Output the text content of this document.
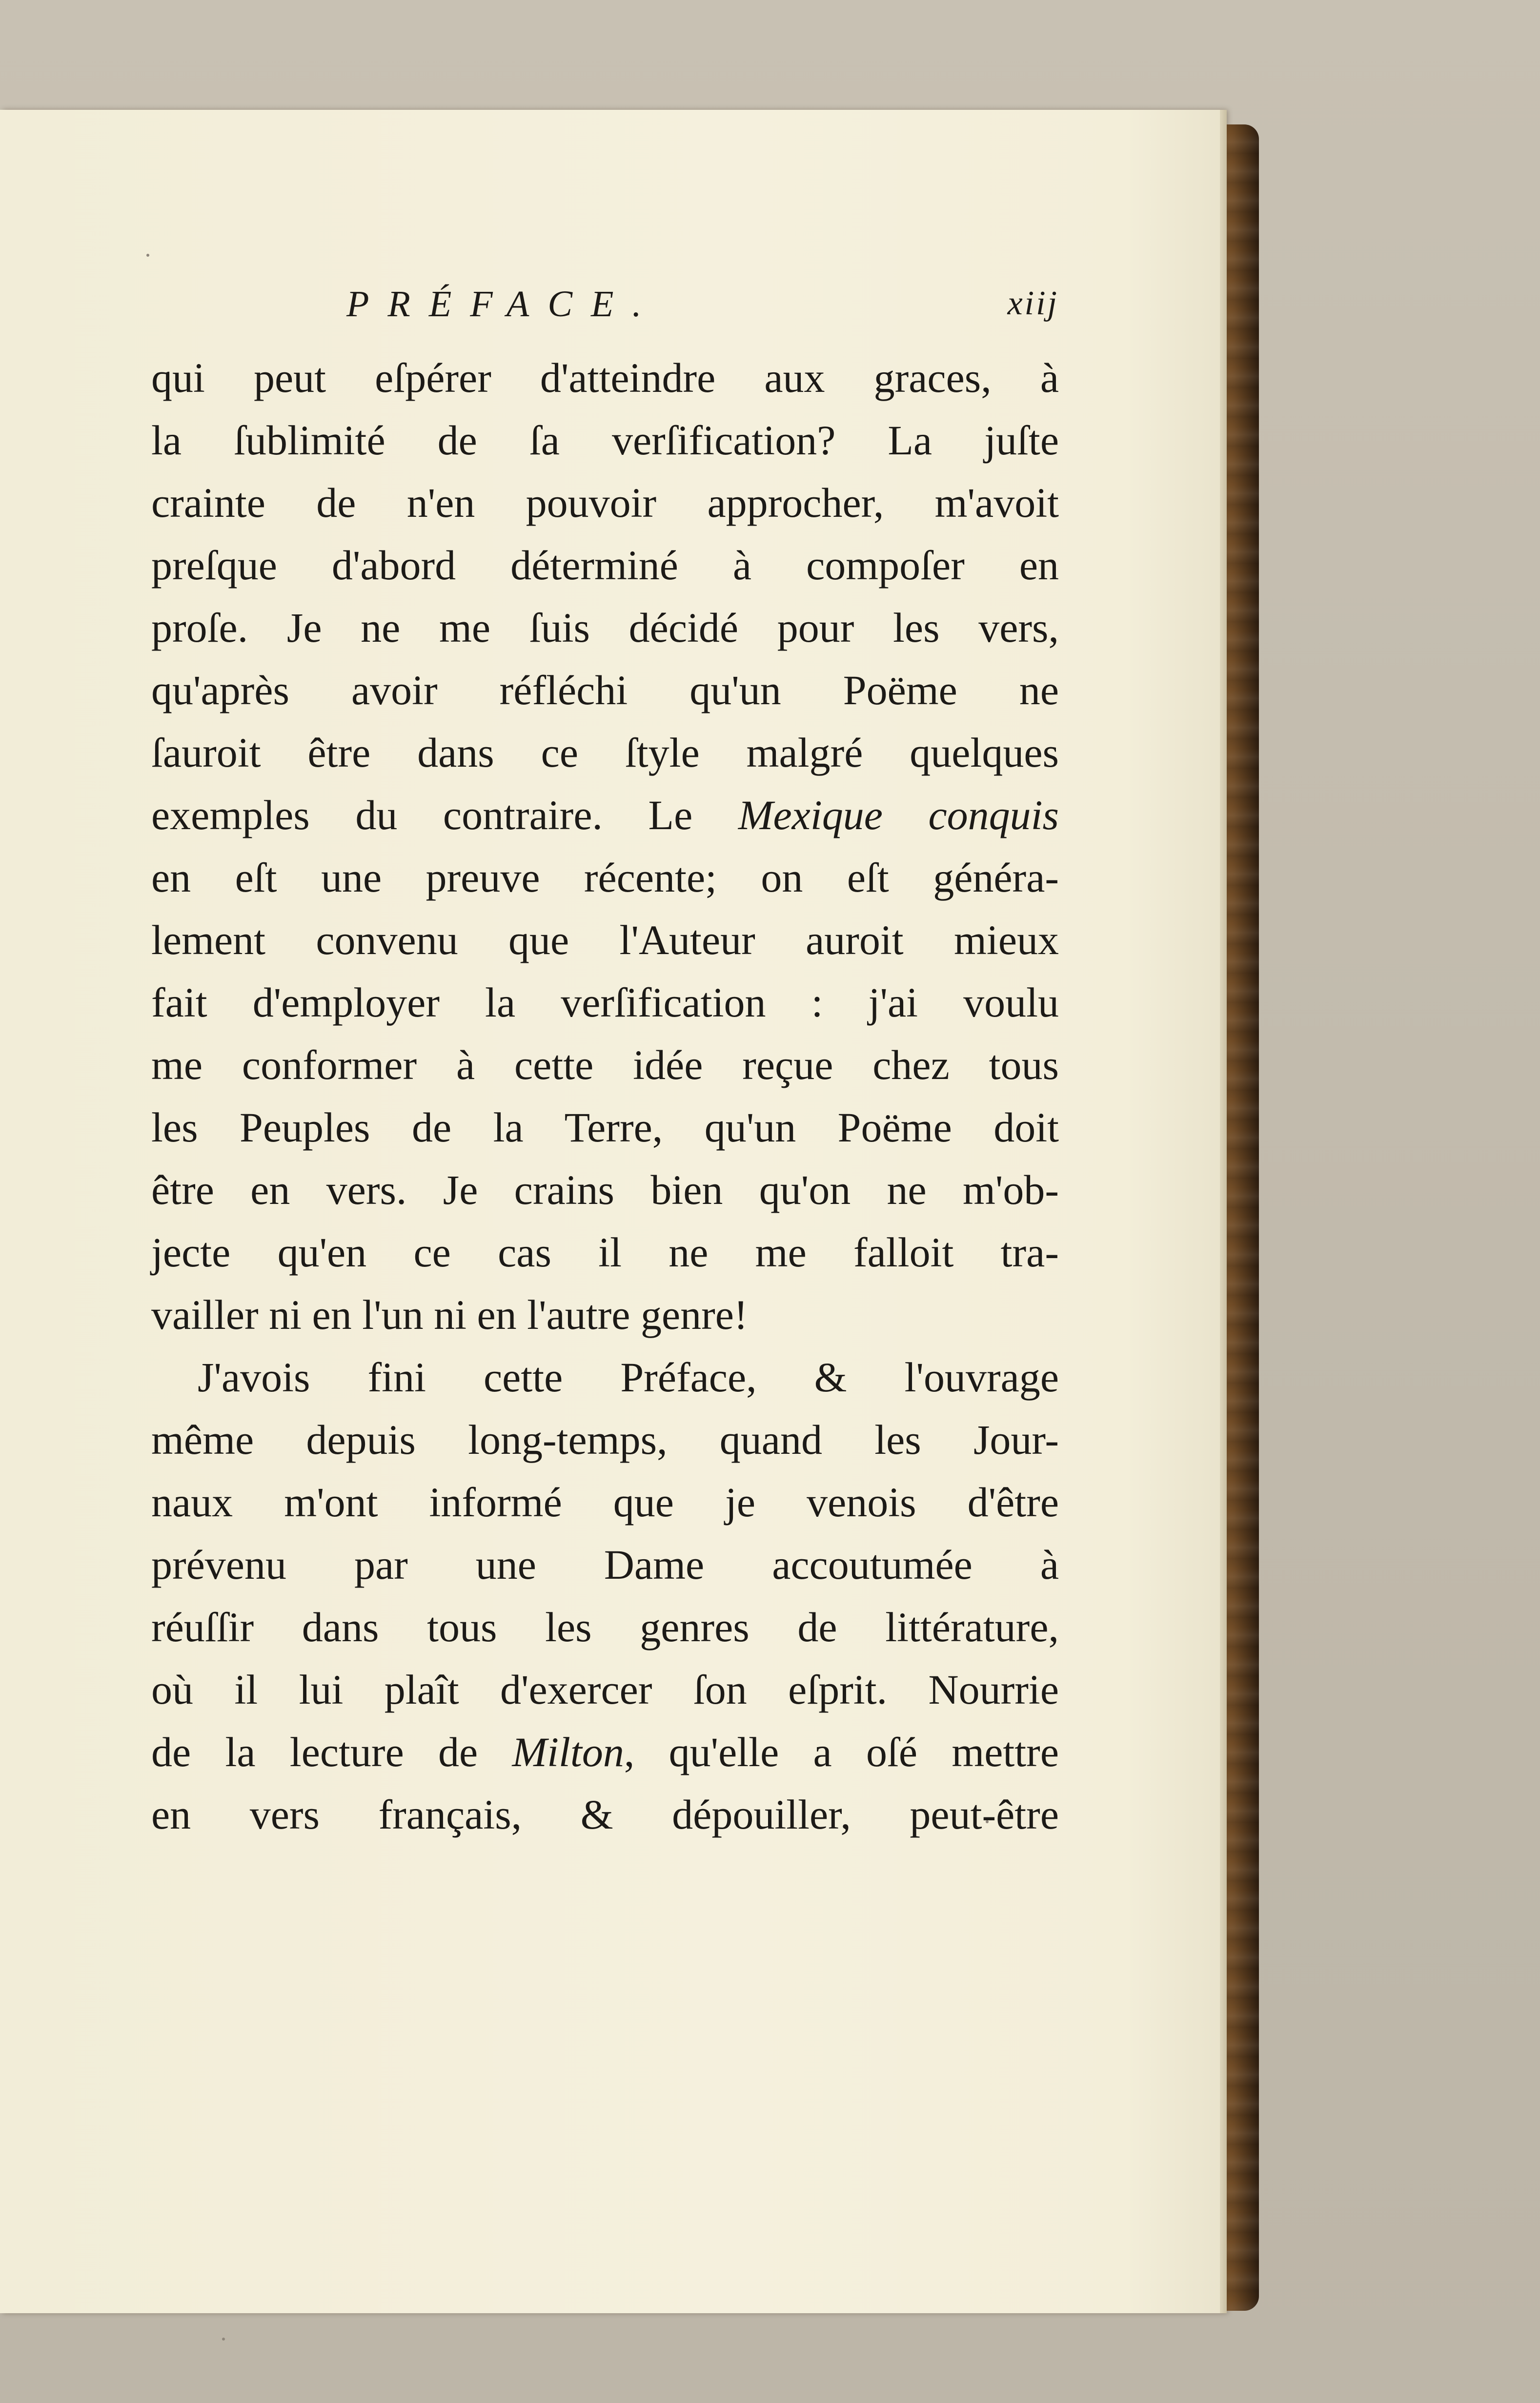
PRÉFACE.	xiij
qui peut eſpérer d'atteindre aux graces, à
la ſublimité de ſa verſification? La juſte
crainte de n'en pouvoir approcher, m'avoit
preſque d'abord déterminé à compoſer en
proſe. Je ne me ſuis décidé pour les vers,
qu'après avoir réfléchi qu'un Poëme ne
ſauroit être dans ce ſtyle malgré quelques
exemples du contraire. Le Mexique conquis
en eſt une preuve récente; on eſt généra-
lement convenu que l'Auteur auroit mieux
fait d'employer la verſification : j'ai voulu
me conformer à cette idée reçue chez tous
les Peuples de la Terre, qu'un Poëme doit
être en vers. Je crains bien qu'on ne m'ob-
jecte qu'en ce cas il ne me falloit tra-
vailler ni en l'un ni en l'autre genre!
J'avois fini cette Préface, & l'ouvrage
même depuis long-temps, quand les Jour-
naux m'ont informé que je venois d'être
prévenu par une Dame accoutumée à
réuſſir dans tous les genres de littérature,
où il lui plaît d'exercer ſon eſprit. Nourrie
de la lecture de Milton, qu'elle a oſé mettre
en vers français, & dépouiller, peut-être
